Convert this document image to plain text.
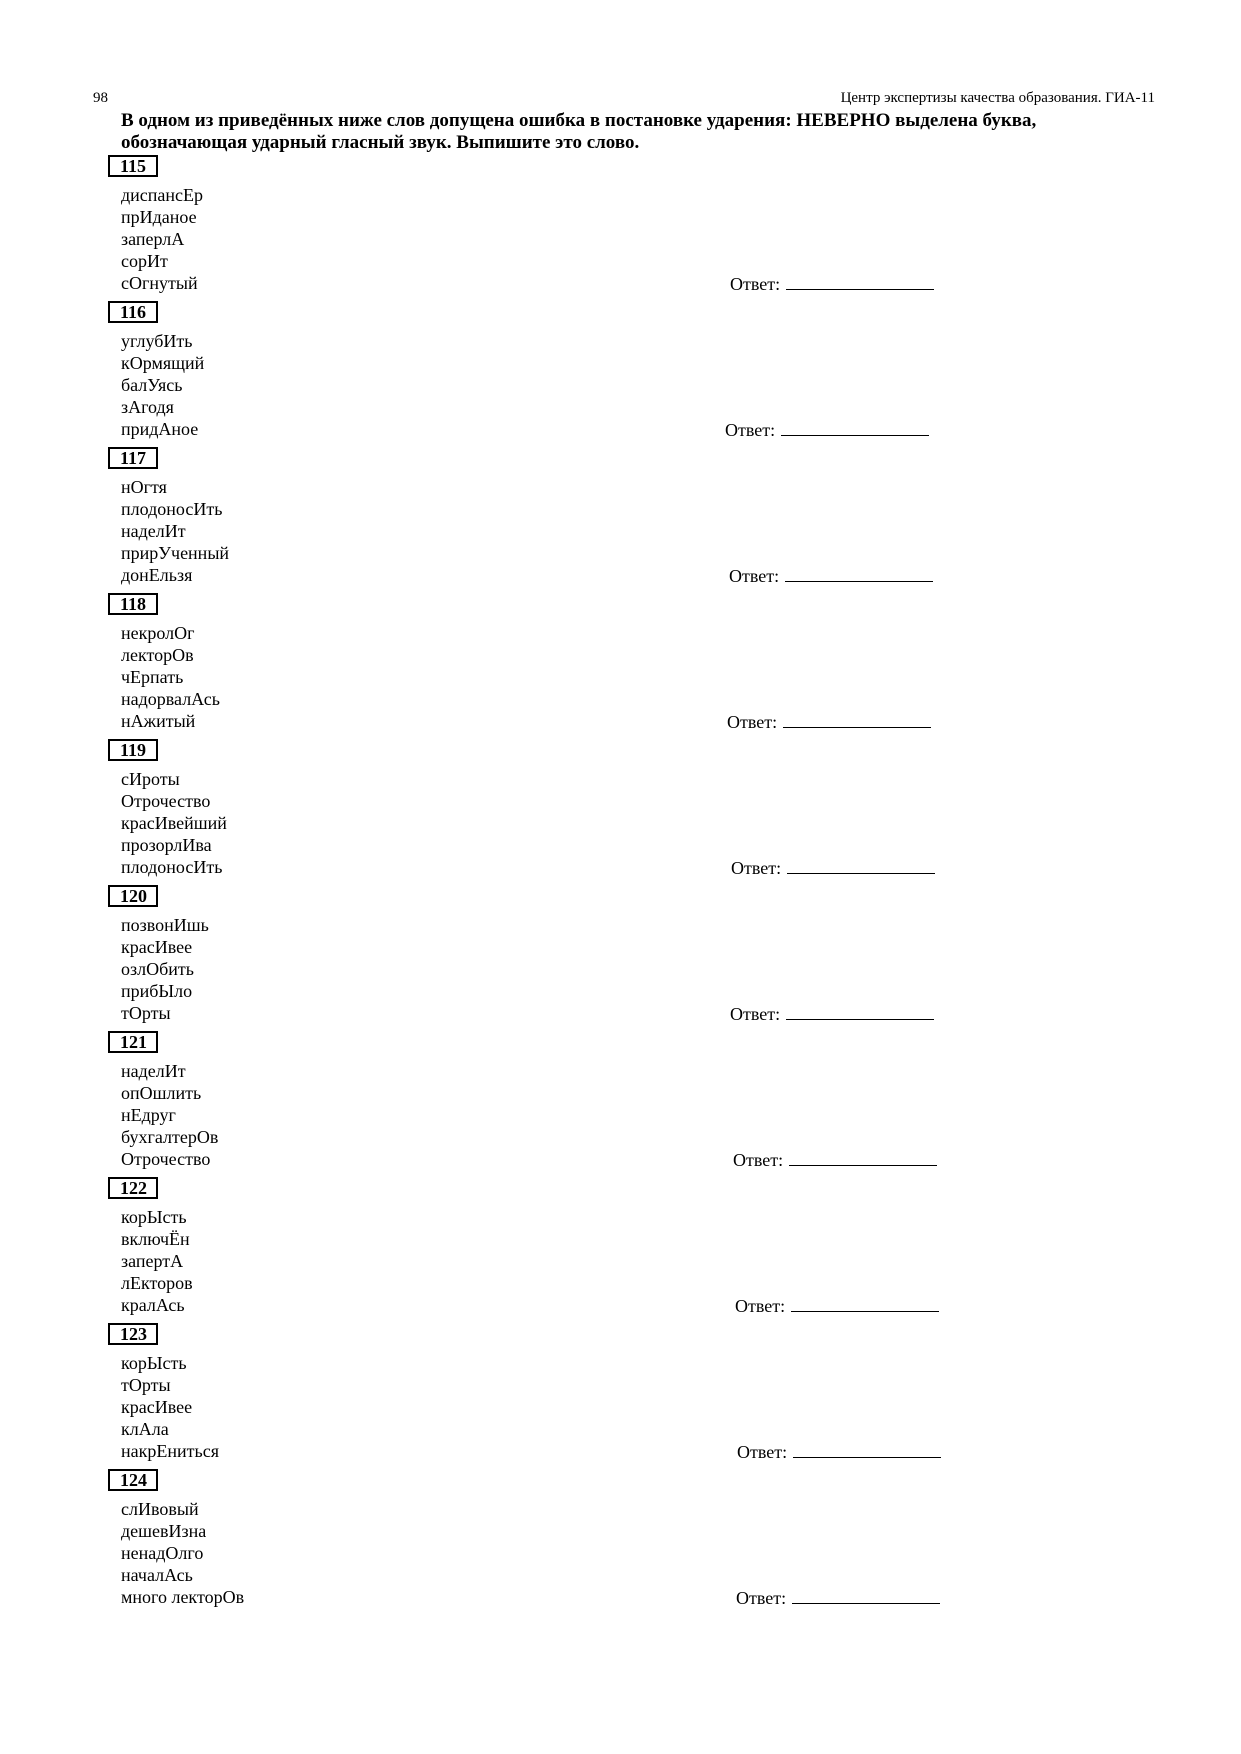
98	Центр экспертизы качества образования. ГИА-11
В одном из приведённых ниже слов допущена ошибка в постановке ударения: НЕВЕРНО выделена буква, обозначающая ударный гласный звук. Выпишите это слово.
115
диспансЕр
прИданое
заперлА
сорИт
сОгнутый	Ответ:
116
углубИть
кОрмящий
балУясь
зАгодя
придАное	Ответ:
117
нОгтя
плодоносИть
наделИт
прирУченный
донЕльзя	Ответ:
118
некролОг
лекторОв
чЕрпать
надорвалАсь
нАжитый	Ответ:
119
сИроты
Отрочество
красИвейший
прозорлИва
плодоносИть	Ответ:
120
позвонИшь
красИвее
озлОбить
прибЫло
тОрты	Ответ:
121
наделИт
опОшлить
нЕдруг
бухгалтерОв
Отрочество	Ответ:
122
корЫсть
включЁн
запертА
лЕкторов
кралАсь	Ответ:
123
корЫсть
тОрты
красИвее
клАла
накрЕниться	Ответ:
124
слИвовый
дешевИзна
ненадОлго
началАсь
много лекторОв	Ответ:
